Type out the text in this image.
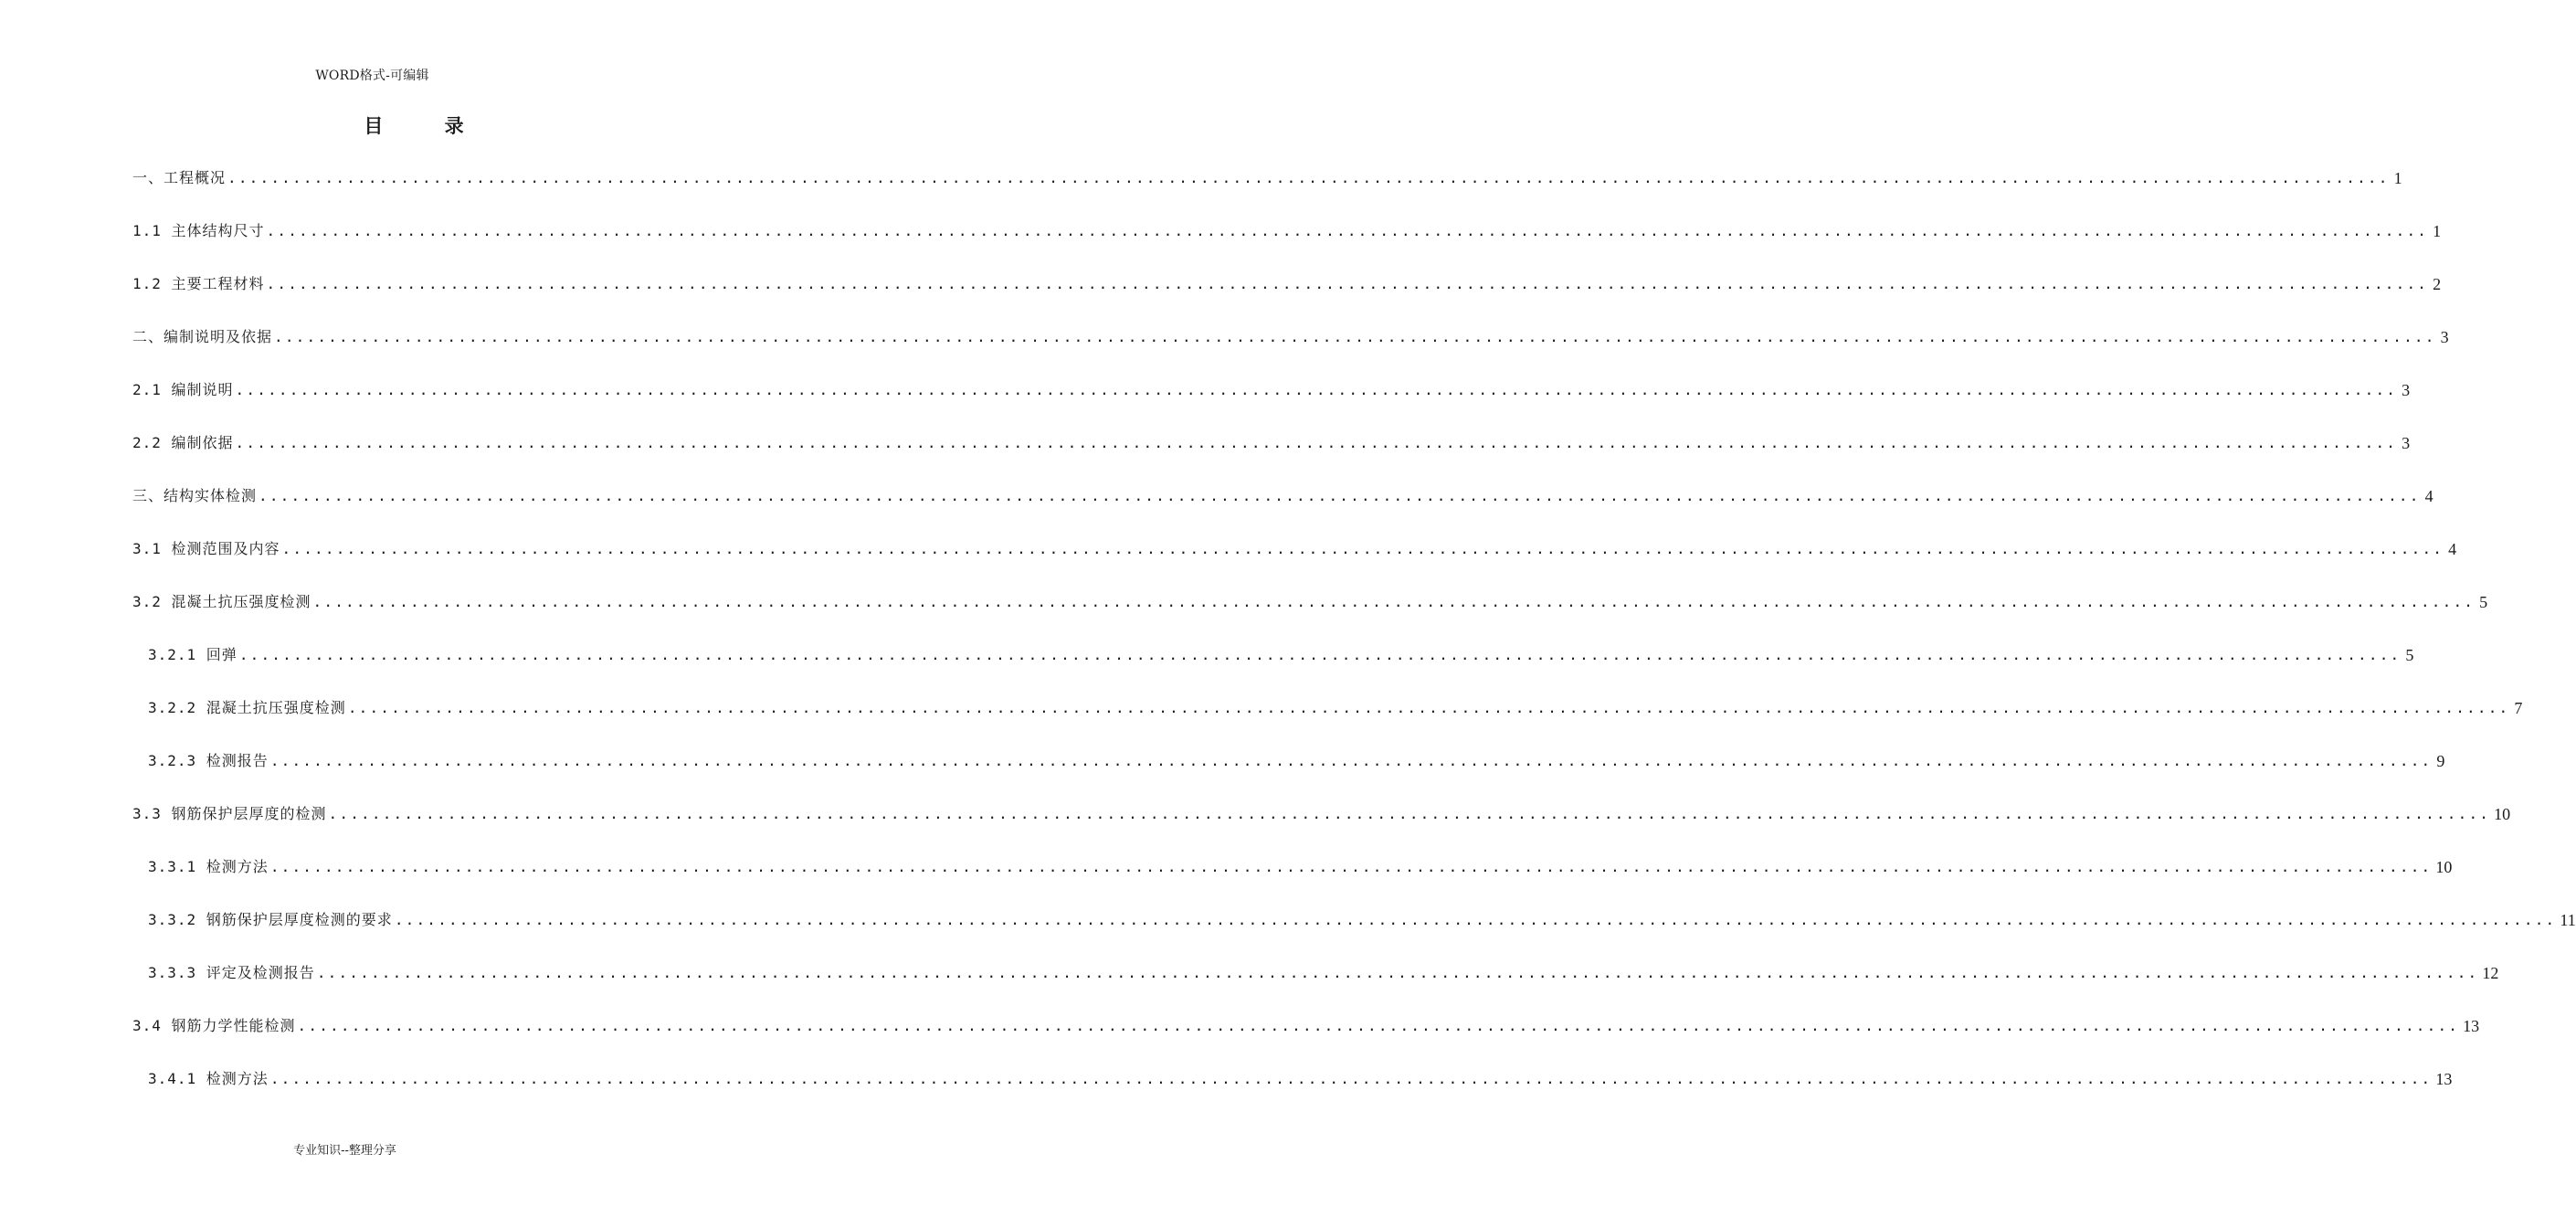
WORD格式-可编辑
目 录
一、工程概况 ........................................................................................................................................................................................................ 1
1.1 主体结构尺寸 ........................................................................................................................................................................................................ 1
1.2 主要工程材料 ........................................................................................................................................................................................................ 2
二、编制说明及依据 ........................................................................................................................................................................................................ 3
2.1 编制说明 ........................................................................................................................................................................................................ 3
2.2 编制依据 ........................................................................................................................................................................................................ 3
三、结构实体检测 ........................................................................................................................................................................................................ 4
3.1 检测范围及内容 ........................................................................................................................................................................................................ 4
3.2 混凝土抗压强度检测 ........................................................................................................................................................................................................ 5
3.2.1 回弹 ........................................................................................................................................................................................................ 5
3.2.2 混凝土抗压强度检测 ........................................................................................................................................................................................................ 7
3.2.3 检测报告 ........................................................................................................................................................................................................ 9
3.3 钢筋保护层厚度的检测 ........................................................................................................................................................................................................ 10
3.3.1 检测方法 ........................................................................................................................................................................................................ 10
3.3.2 钢筋保护层厚度检测的要求 ........................................................................................................................................................................................................ 11
3.3.3 评定及检测报告 ........................................................................................................................................................................................................ 12
3.4 钢筋力学性能检测 ........................................................................................................................................................................................................ 13
3.4.1 检测方法 ........................................................................................................................................................................................................ 13
专业知识--整理分享
